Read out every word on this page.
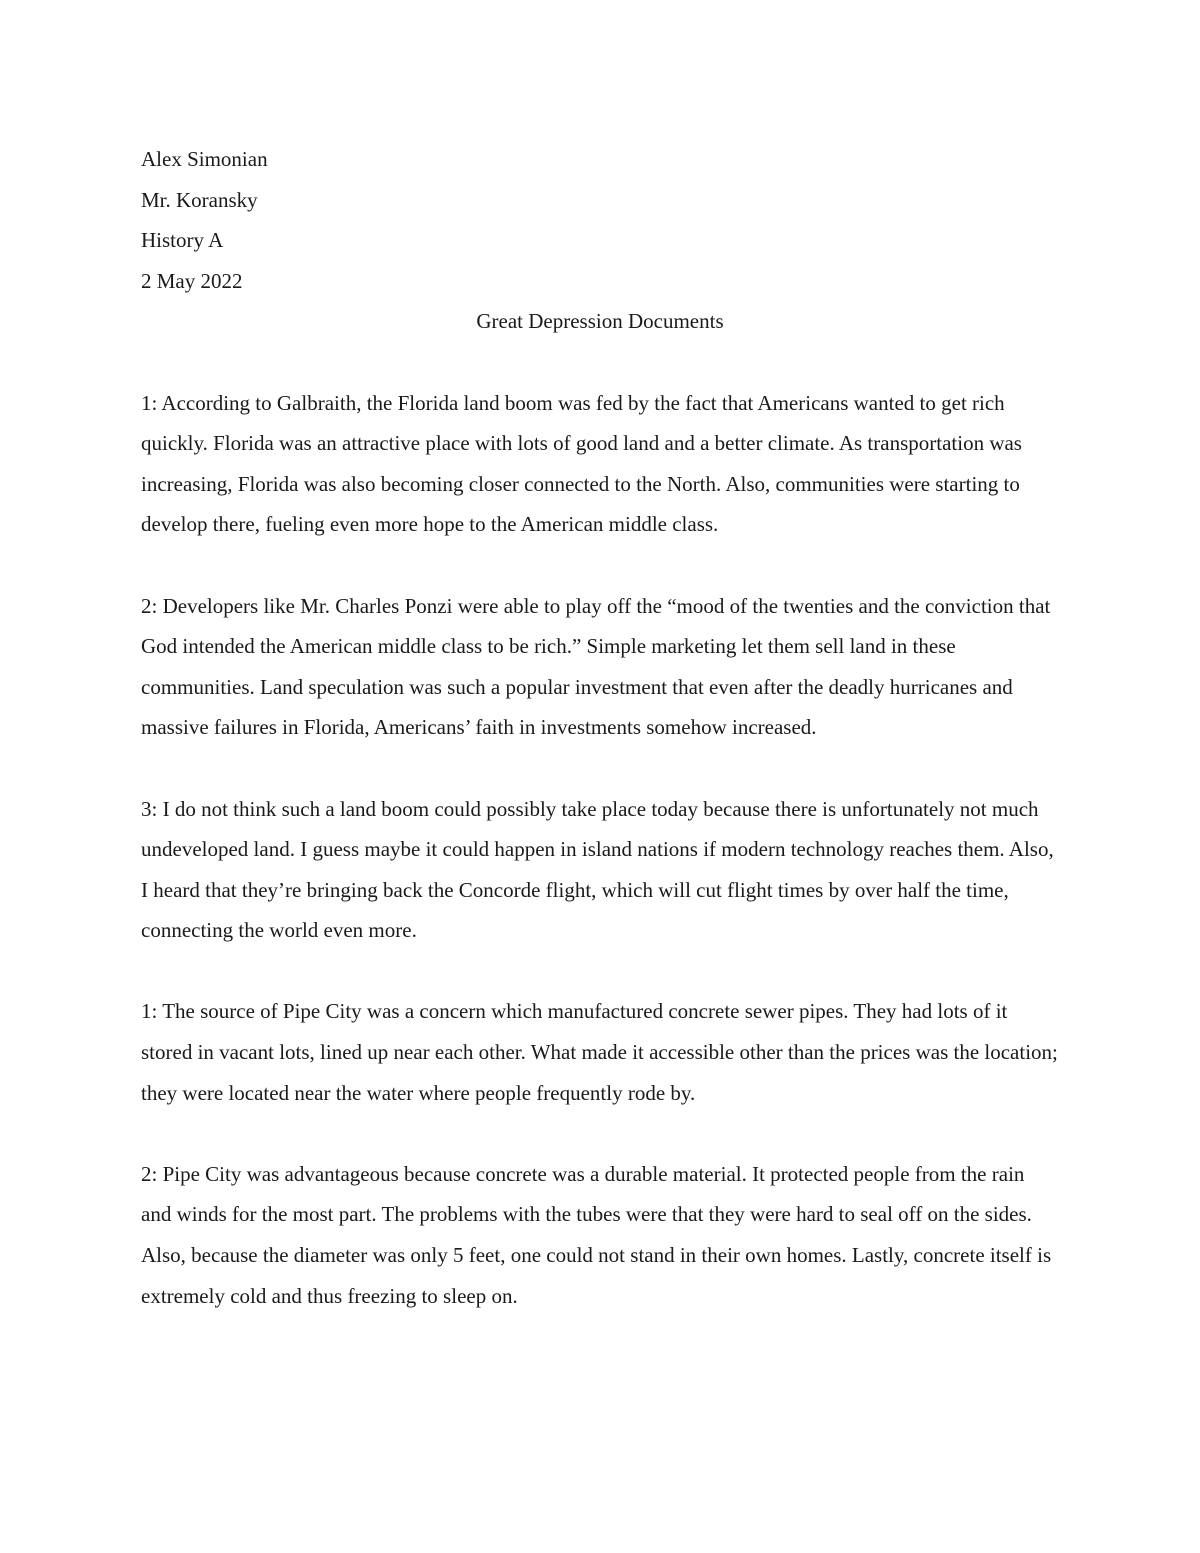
Alex Simonian

Mr. Koransky

History A

2 May 2022

Great Depression Documents

1: According to Galbraith, the Florida land boom was fed by the fact that Americans wanted to get rich quickly. Florida was an attractive place with lots of good land and a better climate. As transportation was increasing, Florida was also becoming closer connected to the North. Also, communities were starting to develop there, fueling even more hope to the American middle class.

2: Developers like Mr. Charles Ponzi were able to play off the “mood of the twenties and the conviction that God intended the American middle class to be rich.” Simple marketing let them sell land in these communities. Land speculation was such a popular investment that even after the deadly hurricanes and massive failures in Florida, Americans’ faith in investments somehow increased.

3: I do not think such a land boom could possibly take place today because there is unfortunately not much undeveloped land. I guess maybe it could happen in island nations if modern technology reaches them. Also, I heard that they’re bringing back the Concorde flight, which will cut flight times by over half the time, connecting the world even more.

1: The source of Pipe City was a concern which manufactured concrete sewer pipes. They had lots of it stored in vacant lots, lined up near each other. What made it accessible other than the prices was the location; they were located near the water where people frequently rode by.

2: Pipe City was advantageous because concrete was a durable material. It protected people from the rain and winds for the most part. The problems with the tubes were that they were hard to seal off on the sides. Also, because the diameter was only 5 feet, one could not stand in their own homes. Lastly, concrete itself is extremely cold and thus freezing to sleep on.
